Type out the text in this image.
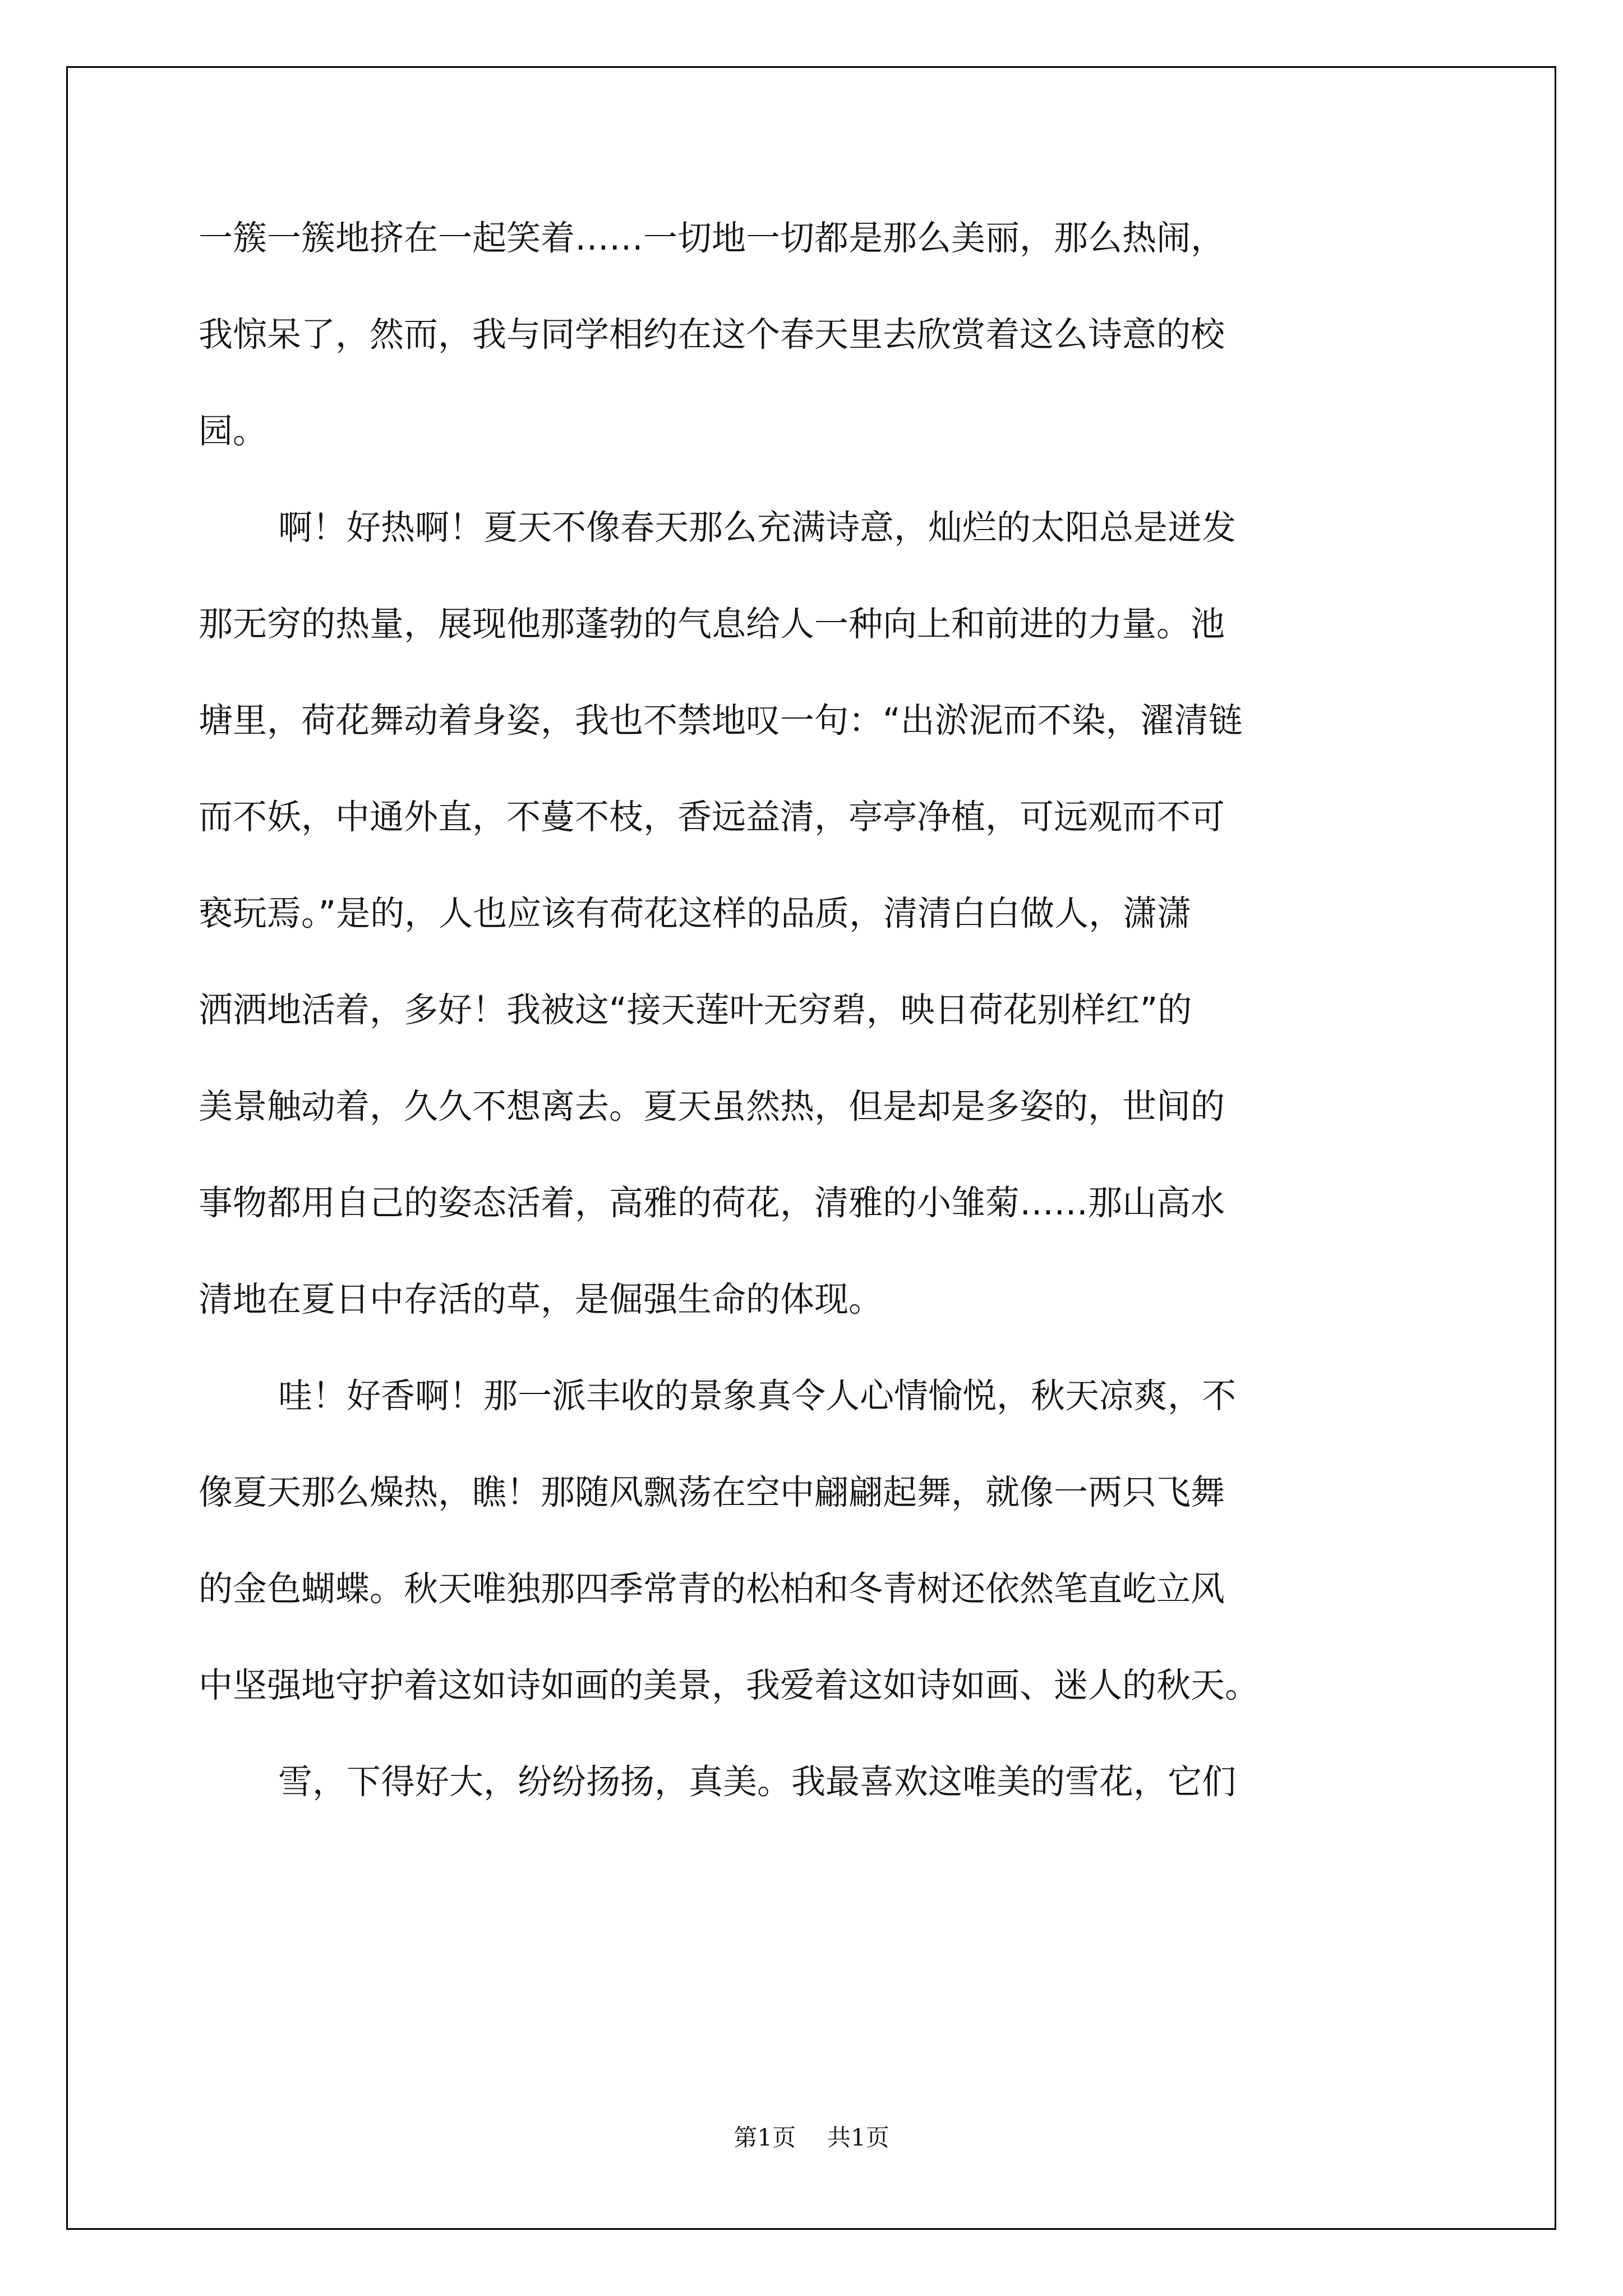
一簇一簇地挤在一起笑着……一切地一切都是那么美丽，那么热闹，
我惊呆了，然而，我与同学相约在这个春天里去欣赏着这么诗意的校
园。
啊！好热啊！夏天不像春天那么充满诗意，灿烂的太阳总是迸发
那无穷的热量，展现他那蓬勃的气息给人一种向上和前进的力量。池
塘里，荷花舞动着身姿，我也不禁地叹一句：“出淤泥而不染，濯清链
而不妖，中通外直，不蔓不枝，香远益清，亭亭净植，可远观而不可
亵玩焉。”是的，人也应该有荷花这样的品质，清清白白做人，潇潇
洒洒地活着，多好！我被这“接天莲叶无穷碧，映日荷花别样红”的
美景触动着，久久不想离去。夏天虽然热，但是却是多姿的，世间的
事物都用自己的姿态活着，高雅的荷花，清雅的小雏菊……那山高水
清地在夏日中存活的草，是倔强生命的体现。
哇！好香啊！那一派丰收的景象真令人心情愉悦，秋天凉爽，不
像夏天那么燥热，瞧！那随风飘荡在空中翩翩起舞，就像一两只飞舞
的金色蝴蝶。秋天唯独那四季常青的松柏和冬青树还依然笔直屹立风
中坚强地守护着这如诗如画的美景，我爱着这如诗如画、迷人的秋天。
雪，下得好大，纷纷扬扬，真美。我最喜欢这唯美的雪花，它们
第1页 共1页
